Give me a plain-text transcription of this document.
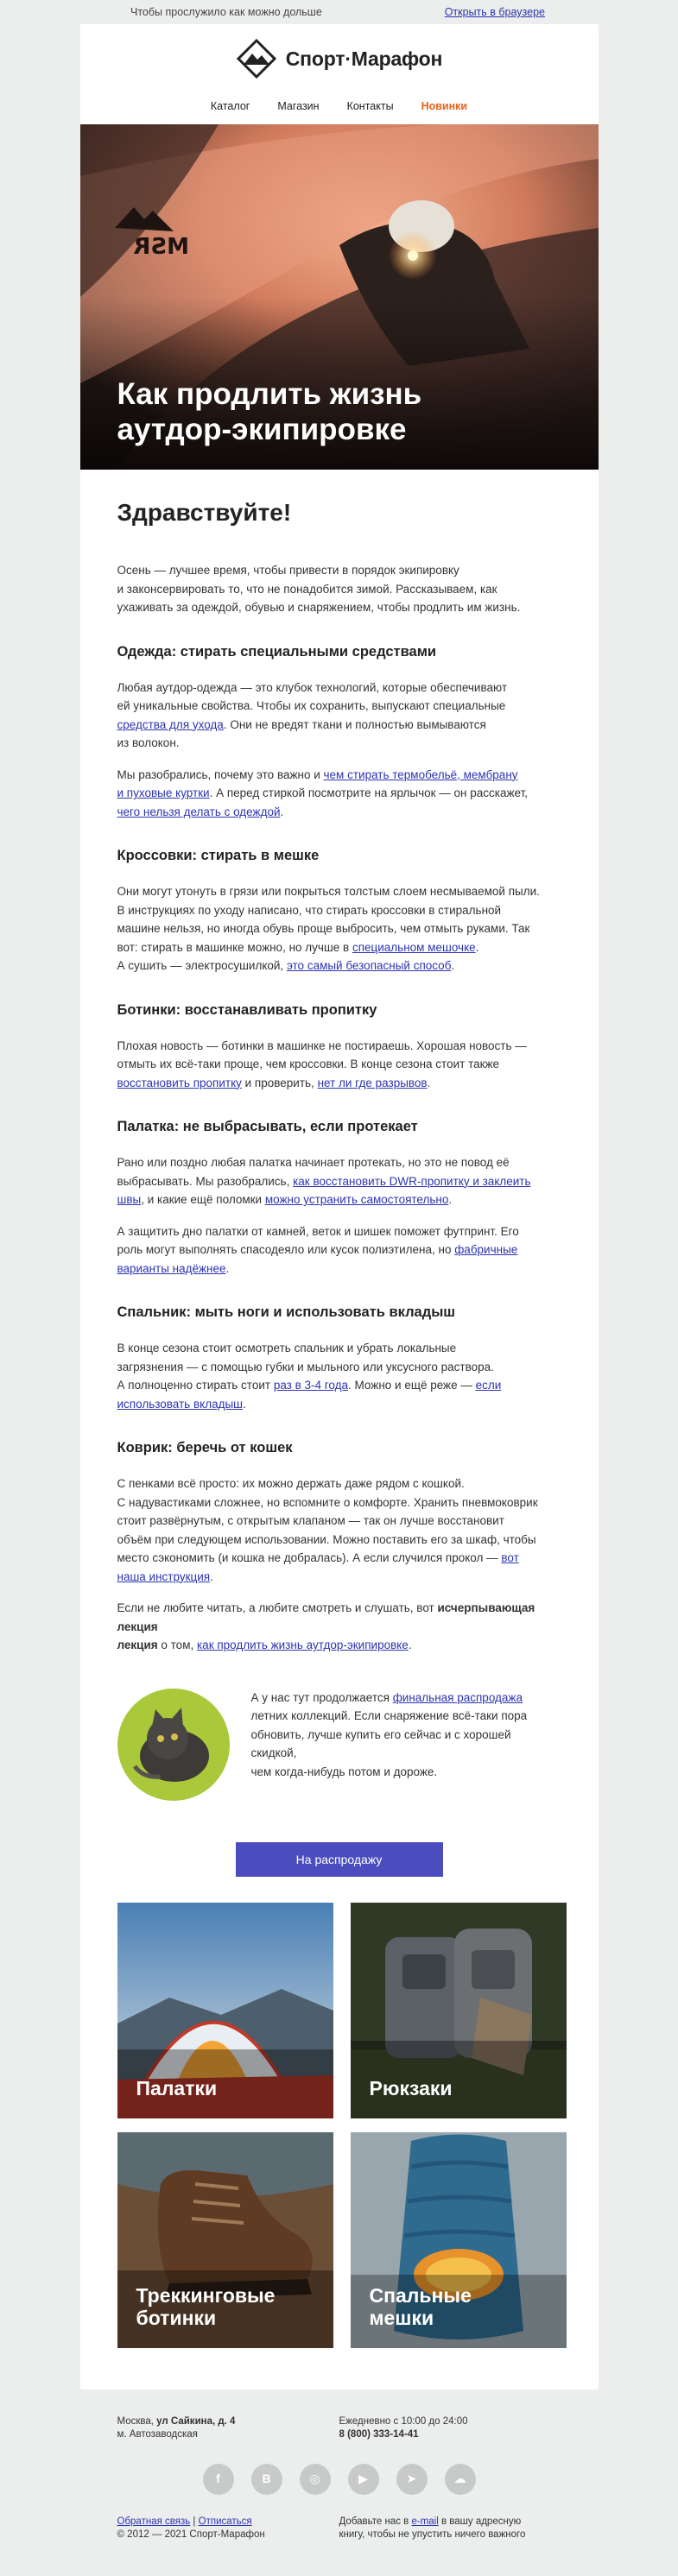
Чтобы прослужило как можно дольше	Открыть в браузере
Спорт·Марафон
Каталог	Магазин	Контакты	Новинки
Как продлить жизнь
аутдор-экипировке
Здравствуйте!
Осень — лучшее время, чтобы привести в порядок экипировку
и законсервировать то, что не понадобится зимой. Рассказываем, как
ухаживать за одеждой, обувью и снаряжением, чтобы продлить им жизнь.
Одежда: стирать специальными средствами
Любая аутдор-одежда — это клубок технологий, которые обеспечивают
ей уникальные свойства. Чтобы их сохранить, выпускают специальные
средства для ухода. Они не вредят ткани и полностью вымываются
из волокон.
Мы разобрались, почему это важно и чем стирать термобельё, мембрану
и пуховые куртки. А перед стиркой посмотрите на ярлычок — он расскажет,
чего нельзя делать с одеждой.
Кроссовки: стирать в мешке
Они могут утонуть в грязи или покрыться толстым слоем несмываемой пыли.
В инструкциях по уходу написано, что стирать кроссовки в стиральной
машине нельзя, но иногда обувь проще выбросить, чем отмыть руками. Так
вот: стирать в машинке можно, но лучше в специальном мешочке.
А сушить — электросушилкой, это самый безопасный способ.
Ботинки: восстанавливать пропитку
Плохая новость — ботинки в машинке не постираешь. Хорошая новость —
отмыть их всё-таки проще, чем кроссовки. В конце сезона стоит также
восстановить пропитку и проверить, нет ли где разрывов.
Палатка: не выбрасывать, если протекает
Рано или поздно любая палатка начинает протекать, но это не повод её
выбрасывать. Мы разобрались, как восстановить DWR-пропитку и заклеить
швы, и какие ещё поломки можно устранить самостоятельно.
А защитить дно палатки от камней, веток и шишек поможет футпринт. Его
роль могут выполнять спасодеяло или кусок полиэтилена, но фабричные
варианты надёжнее.
Спальник: мыть ноги и использовать вкладыш
В конце сезона стоит осмотреть спальник и убрать локальные
загрязнения — с помощью губки и мыльного или уксусного раствора.
А полноценно стирать стоит раз в 3-4 года. Можно и ещё реже — если
использовать вкладыш.
Коврик: беречь от кошек
С пенками всё просто: их можно держать даже рядом с кошкой.
С надувастиками сложнее, но вспомните о комфорте. Хранить пневмоковрик
стоит развёрнутым, с открытым клапаном — так он лучше восстановит
объём при следующем использовании. Можно поставить его за шкаф, чтобы
место сэкономить (и кошка не добралась). А если случился прокол — вот
наша инструкция.
Если не любите читать, а любите смотреть и слушать, вот исчерпывающая лекция
лекция о том, как продлить жизнь аутдор-экипировке.
А у нас тут продолжается финальная распродажа
летних коллекций. Если снаряжение всё-таки пора
обновить, лучше купить его сейчас и с хорошей скидкой,
чем когда-нибудь потом и дороже.
На распродажу
Палатки	Рюкзаки
Треккинговые
ботинки
Спальные
мешки
Москва, ул Сайкина, д. 4
м. Автозаводская
Ежедневно с 10:00 до 24:00
8 (800) 333-14-41
f	В	◎	▶	➤	☁
Обратная связь | Отписаться
© 2012 — 2021 Спорт-Марафон
Добавьте нас в e-mail в вашу адресную
книгу, чтобы не упустить ничего важного
